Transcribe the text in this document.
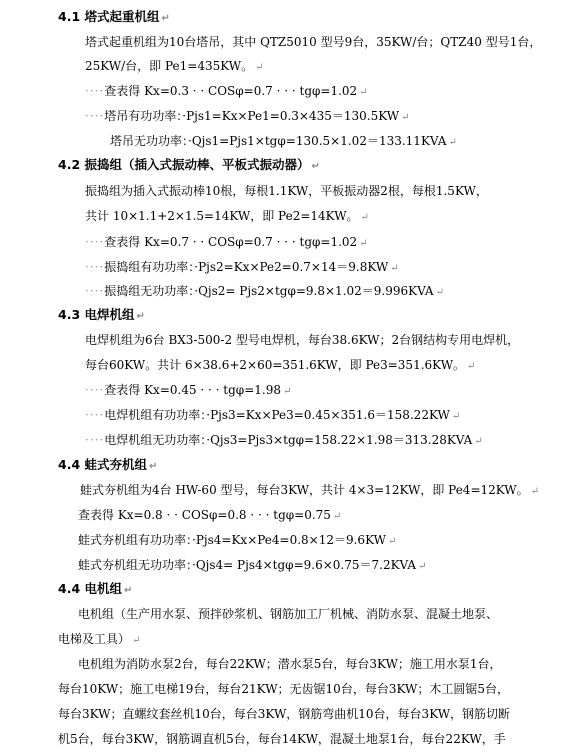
4.1 塔式起重机组 ↵
塔式起重机组为10台塔吊，其中 QTZ5010 型号9台，35KW/台；QTZ40 型号1台，
25KW/台，即 Pe1=435KW。 ↵
····查表得 Kx=0.3 · · COSφ=0.7 · · · tgφ=1.02 ↵
····塔吊有功功率：·Pjs1=Kx×Pe1=0.3×435＝130.5KW ↵
塔吊无功功率：·Qjs1=Pjs1×tgφ=130.5×1.02＝133.11KVA ↵
4.2 振捣组（插入式振动棒、平板式振动器） ↵
振捣组为插入式振动棒10根，每根1.1KW，平板振动器2根，每根1.5KW，
共计 10×1.1+2×1.5=14KW，即 Pe2=14KW。 ↵
····查表得 Kx=0.7 · · COSφ=0.7 · · · tgφ=1.02 ↵
····振捣组有功功率：·Pjs2=Kx×Pe2=0.7×14＝9.8KW ↵
····振捣组无功功率：·Qjs2= Pjs2×tgφ=9.8×1.02＝9.996KVA ↵
4.3 电焊机组 ↵
电焊机组为6台 BX3-500-2 型号电焊机，每台38.6KW；2台钢结构专用电焊机，
每台60KW。共计 6×38.6+2×60=351.6KW，即 Pe3=351.6KW。 ↵
····查表得 Kx=0.45 · · · tgφ=1.98 ↵
····电焊机组有功功率：·Pjs3=Kx×Pe3=0.45×351.6＝158.22KW ↵
····电焊机组无功功率：·Qjs3=Pjs3×tgφ=158.22×1.98＝313.28KVA ↵
4.4 蛙式夯机组 ↵
蛙式夯机组为4台 HW-60 型号，每台3KW，共计 4×3=12KW，即 Pe4=12KW。 ↵
查表得 Kx=0.8 · · COSφ=0.8 · · · tgφ=0.75 ↵
蛙式夯机组有功功率：·Pjs4=Kx×Pe4=0.8×12＝9.6KW ↵
蛙式夯机组无功功率：·Qjs4= Pjs4×tgφ=9.6×0.75＝7.2KVA ↵
4.4 电机组 ↵
电机组（生产用水泵、预拌砂浆机、钢筋加工厂机械、消防水泵、混凝土地泵、
电梯及工具） ↵
电机组为消防水泵2台，每台22KW；潜水泵5台，每台3KW；施工用水泵1台，
每台10KW；施工电梯19台，每台21KW；无齿锯10台，每台3KW；木工圆锯5台，
每台3KW；直螺纹套丝机10台，每台3KW，钢筋弯曲机10台，每台3KW，钢筋切断
机5台，每台3KW，钢筋调直机5台，每台14KW，混凝土地泵1台，每台22KW，手
